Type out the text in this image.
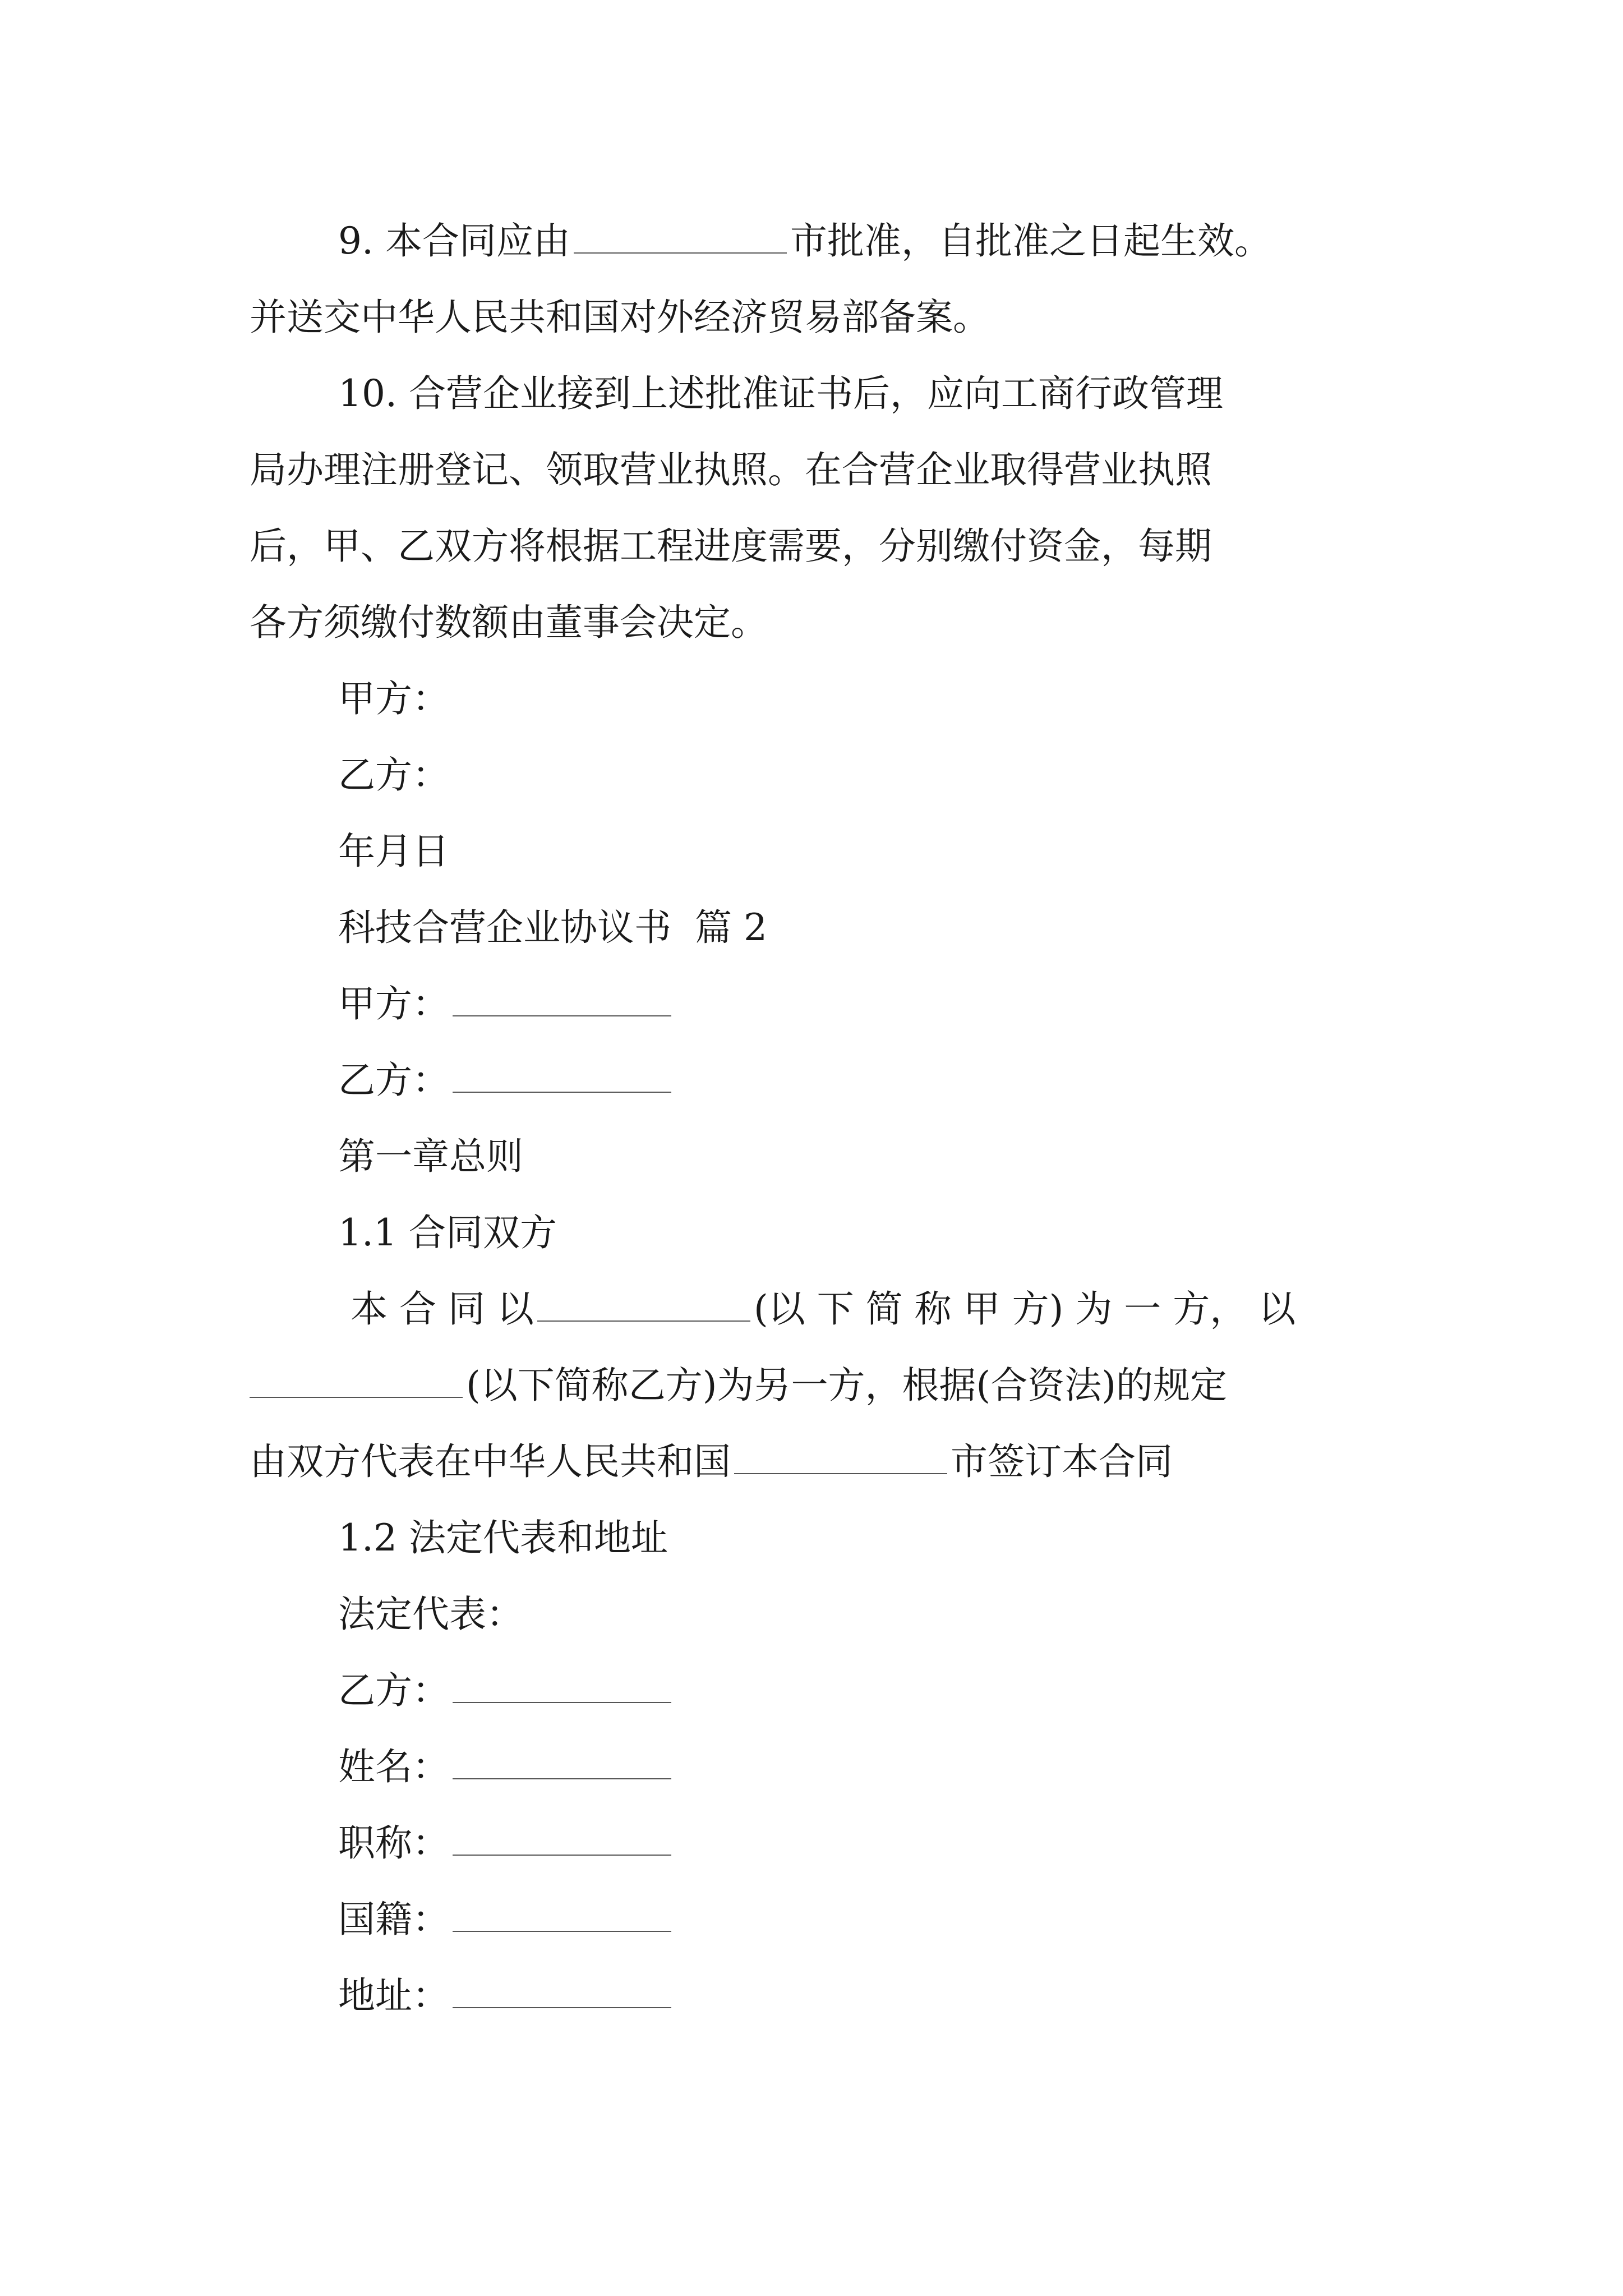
9. 本合同应由	市批准，自批准之日起生效。
并送交中华人民共和国对外经济贸易部备案。
10. 合营企业接到上述批准证书后，应向工商行政管理
局办理注册登记、领取营业执照。在合营企业取得营业执照
后，甲、乙双方将根据工程进度需要，分别缴付资金，每期
各方须缴付数额由董事会决定。
甲方：
乙方：
年月日
科技合营企业协议书  篇 2
甲方：
乙方：
第一章总则
1.1 合同双方
本 合 同 以	(以 下 简 称 甲 方) 为 一 方， 以
(以下简称乙方)为另一方，根据(合资法)的规定
由双方代表在中华人民共和国	市签订本合同
1.2 法定代表和地址
法定代表：
乙方：
姓名：
职称：
国籍：
地址：
